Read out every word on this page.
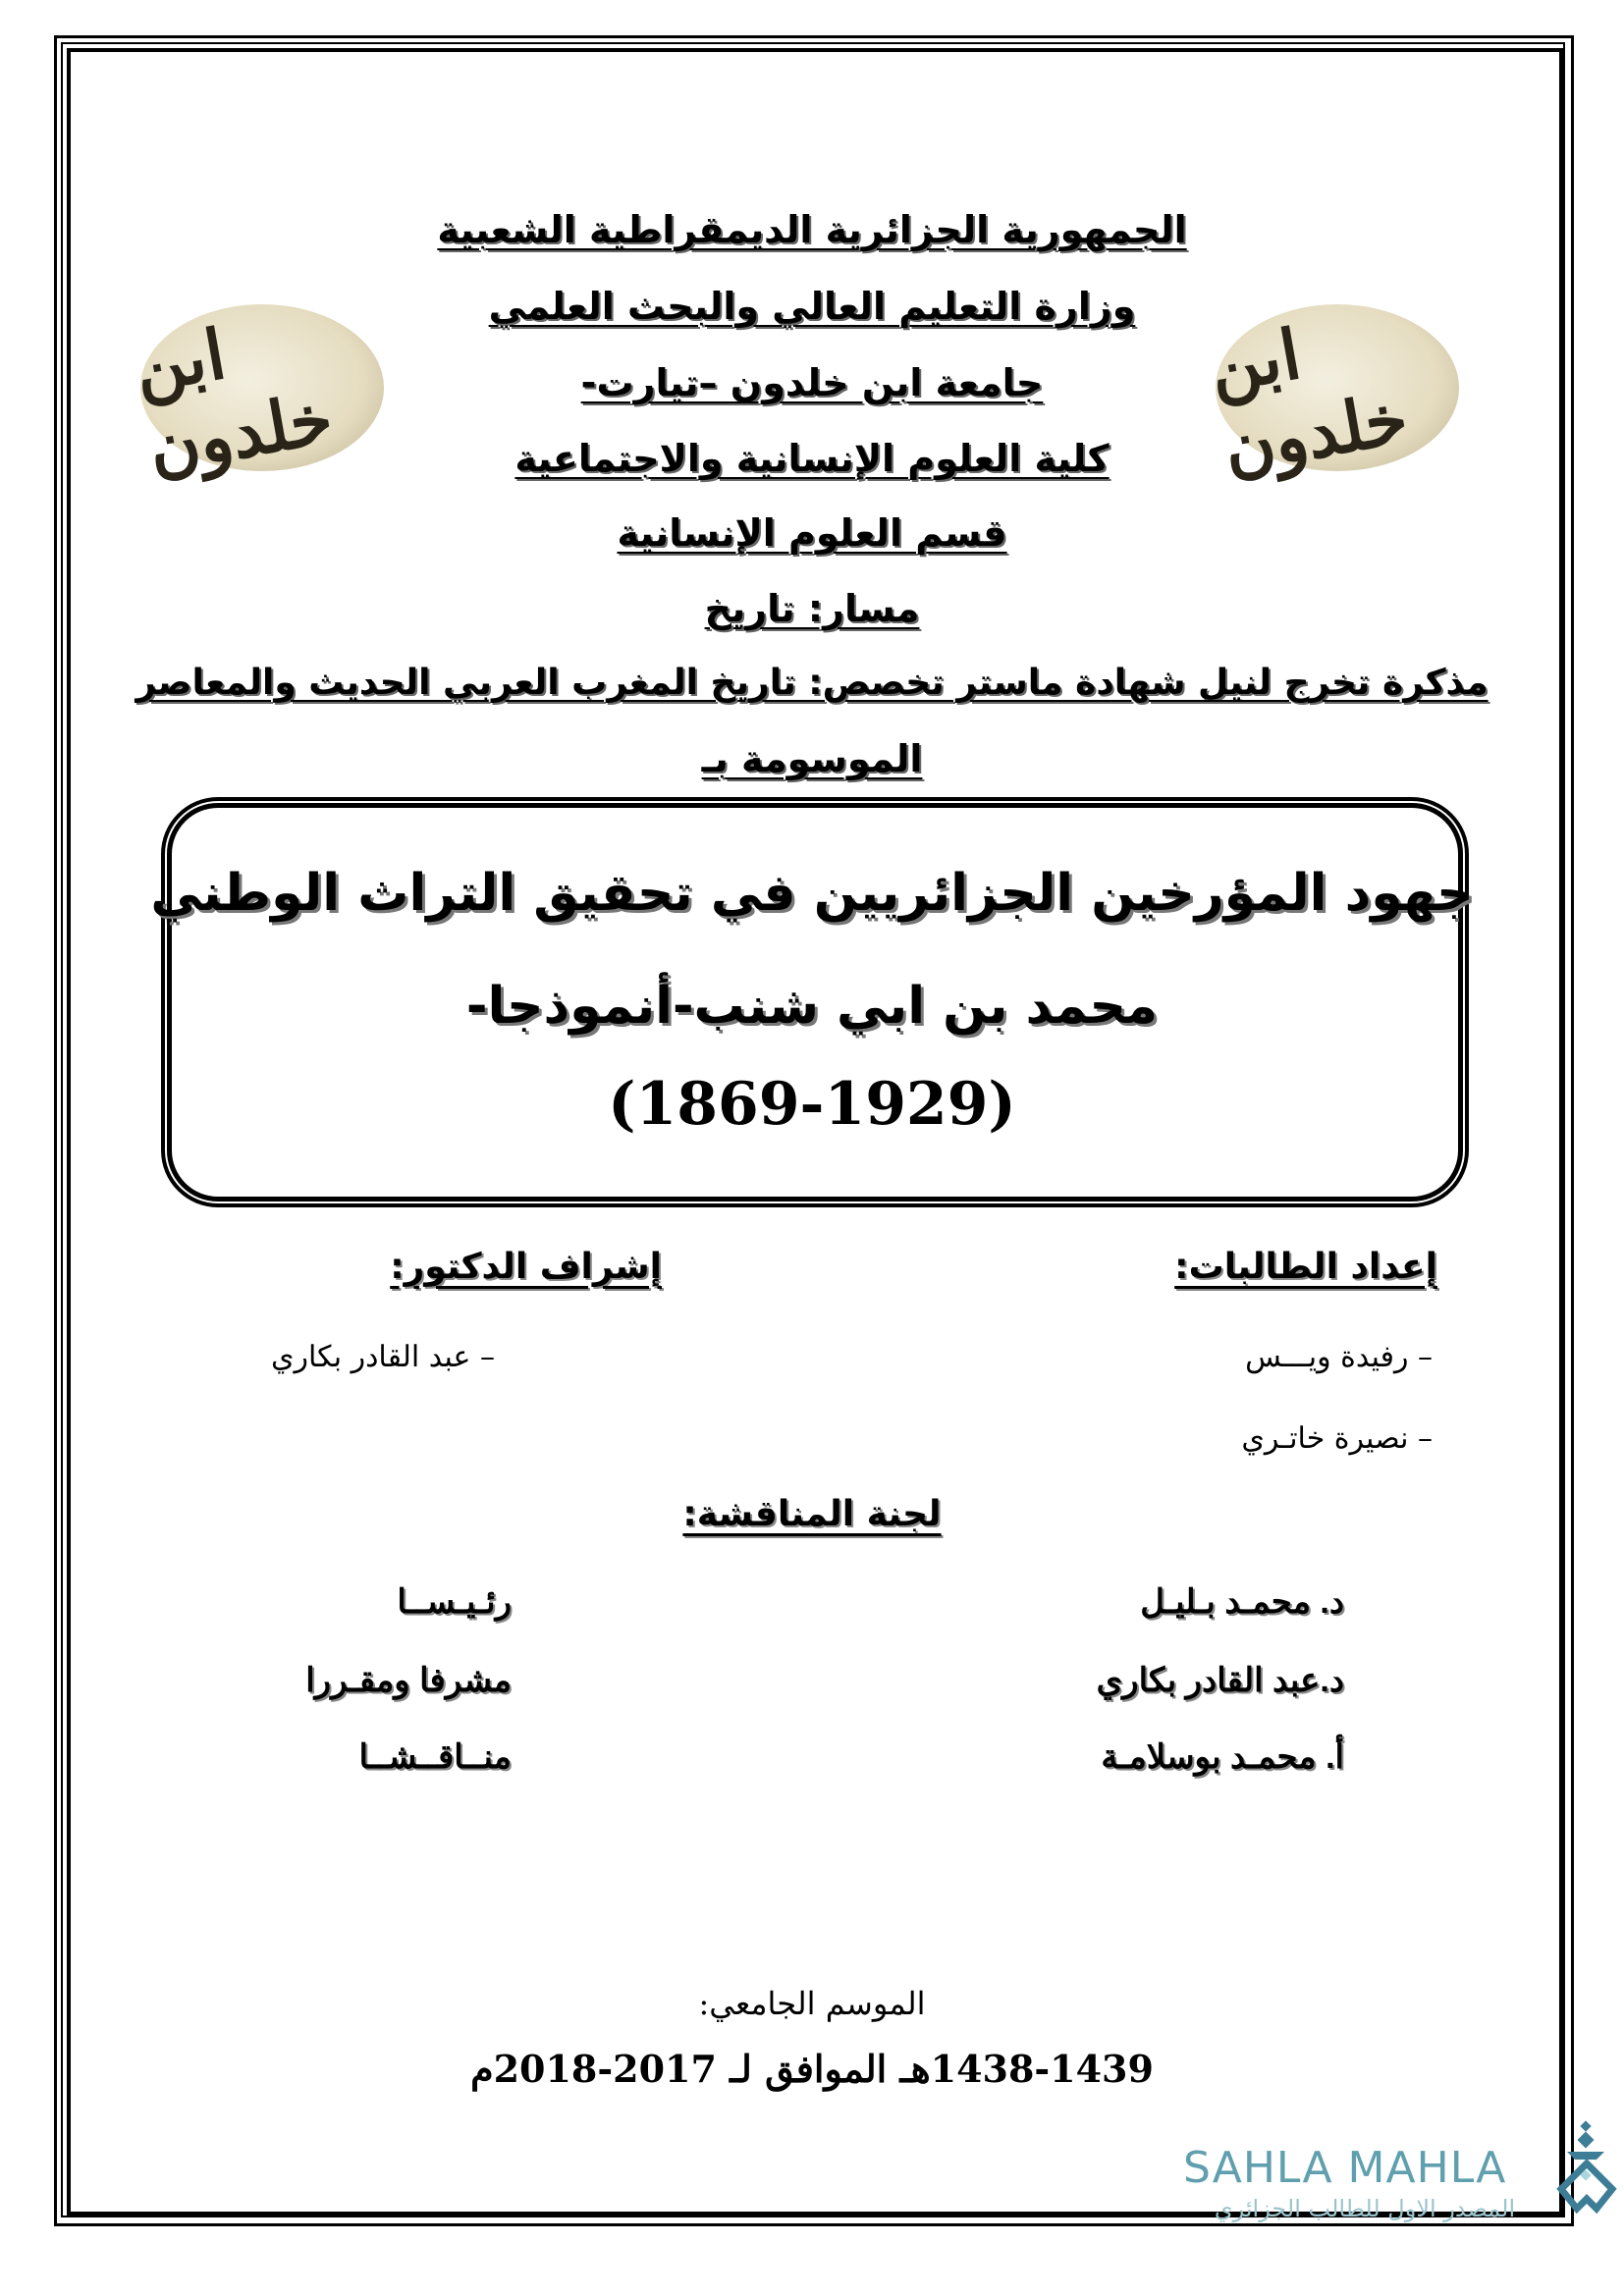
ابن خلدون
ابن خلدون
الجمهورية الجزائرية الديمقراطية الشعبية
وزارة التعليم العالي والبحث العلمي
جامعة ابن خلدون –تيارت-
كلية العلوم الإنسانية والاجتماعية
قسم العلوم الإنسانية
مسار: تاريخ
مذكرة تخرج لنيل شهادة ماستر تخصص: تاريخ المغرب العربي الحديث والمعاصر
الموسومة بـ
جهود المؤرخين الجزائريين في تحقيق التراث الوطني
محمد بن ابي شنب-أنموذجا-
(1869-1929)
إعداد الطالبات:
إشراف الدكتور:
– رفيدة ويـــس
– نصيرة خاتـري
– عبد القادر بكاري
لجنة المناقشة:
د. محمـد بـليـل
رئـيـســا
د.عبد القادر بكاري
مشرفا ومقـررا
أ. محمـد بوسلامـة
منــاقــشــا
الموسم الجامعي:
1438-1439هـ الموافق لـ 2017-2018م
SAHLA MAHLA
المصدر الاول للطالب الجزائري
